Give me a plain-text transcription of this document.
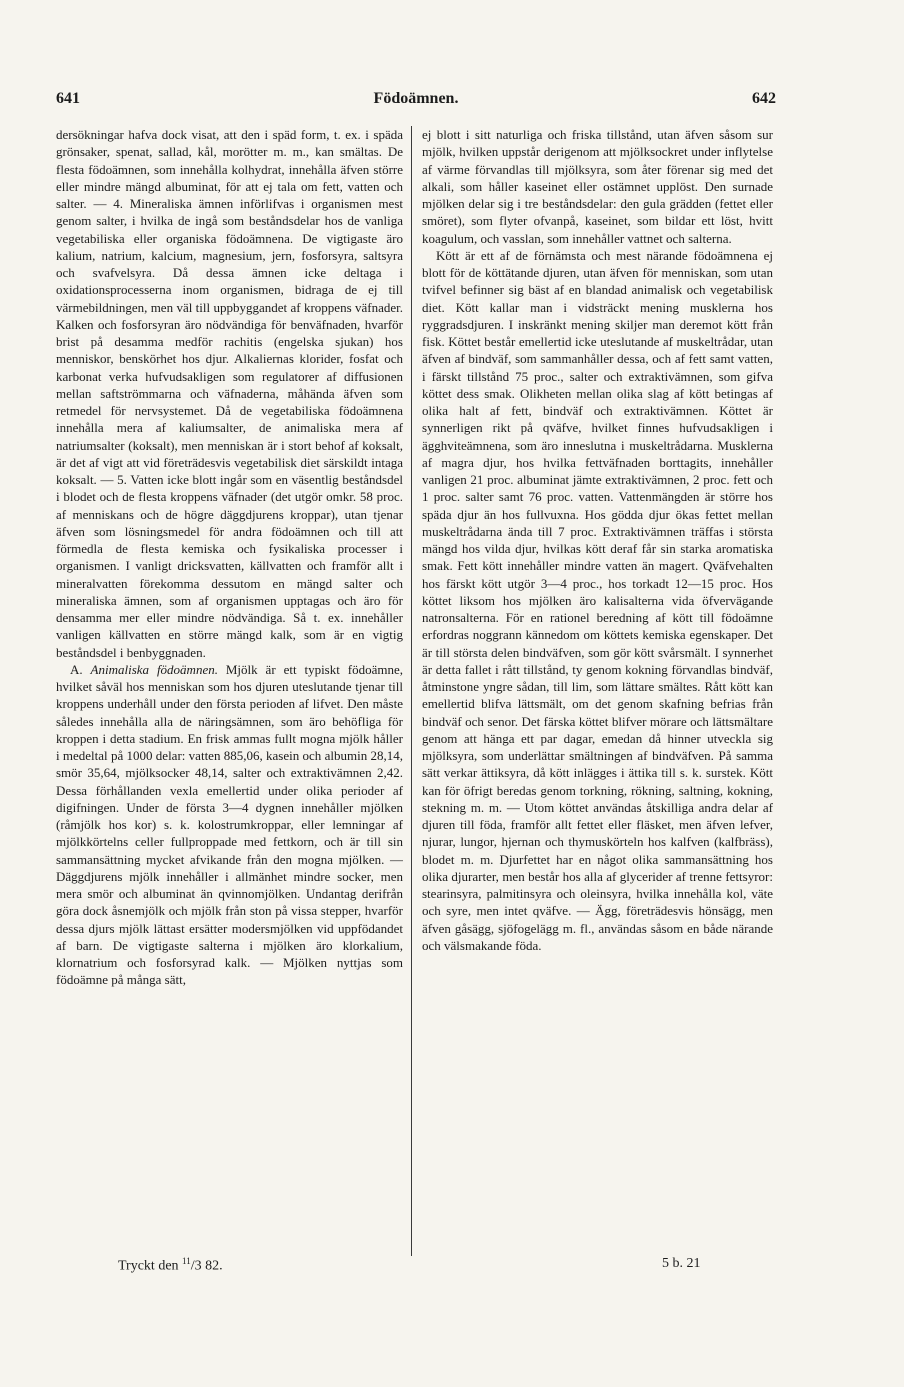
641	Födoämnen.	642

dersökningar hafva dock visat, att den i späd form, t. ex. i späda grönsaker, spenat, sallad, kål, morötter m. m., kan smältas. De flesta födoämnen, som innehålla kolhydrat, innehålla äfven större eller mindre mängd albuminat, för att ej tala om fett, vatten och salter. — 4. Mineraliska ämnen införlifvas i organismen mest genom salter, i hvilka de ingå som beståndsdelar hos de vanliga vegetabiliska eller organiska födoämnena. De vigtigaste äro kalium, natrium, kalcium, magnesium, jern, fosforsyra, saltsyra och svafvelsyra. Då dessa ämnen icke deltaga i oxidationsprocesserna inom organismen, bidraga de ej till värmebildningen, men väl till uppbyggandet af kroppens väfnader. Kalken och fosforsyran äro nödvändiga för benväfnaden, hvarför brist på desamma medför rachitis (engelska sjukan) hos menniskor, benskörhet hos djur. Alkaliernas klorider, fosfat och karbonat verka hufvudsakligen som regulatorer af diffusionen mellan saftströmmarna och väfnaderna, måhända äfven som retmedel för nervsystemet. Då de vegetabiliska födoämnena innehålla mera af kaliumsalter, de animaliska mera af natriumsalter (koksalt), men menniskan är i stort behof af koksalt, är det af vigt att vid företrädesvis vegetabilisk diet särskildt intaga koksalt. — 5. Vatten icke blott ingår som en väsentlig beståndsdel i blodet och de flesta kroppens väfnader (det utgör omkr. 58 proc. af menniskans och de högre däggdjurens kroppar), utan tjenar äfven som lösningsmedel för andra födoämnen och till att förmedla de flesta kemiska och fysikaliska processer i organismen. I vanligt dricksvatten, källvatten och framför allt i mineralvatten förekomma dessutom en mängd salter och mineraliska ämnen, som af organismen upptagas och äro för densamma mer eller mindre nödvändiga. Så t. ex. innehåller vanligen källvatten en större mängd kalk, som är en vigtig beståndsdel i benbyggnaden.

A. Animaliska födoämnen. Mjölk är ett typiskt födoämne, hvilket såväl hos menniskan som hos djuren uteslutande tjenar till kroppens underhåll under den första perioden af lifvet. Den måste således innehålla alla de näringsämnen, som äro behöfliga för kroppen i detta stadium. En frisk ammas fullt mogna mjölk håller i medeltal på 1000 delar: vatten 885,06, kasein och albumin 28,14, smör 35,64, mjölksocker 48,14, salter och extraktivämnen 2,42. Dessa förhållanden vexla emellertid under olika perioder af digifningen. Under de första 3—4 dygnen innehåller mjölken (råmjölk hos kor) s. k. kolostrumkroppar, eller lemningar af mjölkkörtelns celler fullproppade med fettkorn, och är till sin sammansättning mycket afvikande från den mogna mjölken. — Däggdjurens mjölk innehåller i allmänhet mindre socker, men mera smör och albuminat än qvinnomjölken. Undantag derifrån göra dock åsnemjölk och mjölk från ston på vissa stepper, hvarför dessa djurs mjölk lättast ersätter modersmjölken vid uppfödandet af barn. De vigtigaste salterna i mjölken äro klorkalium, klornatrium och fosforsyrad kalk. — Mjölken nyttjas som födoämne på många sätt,

ej blott i sitt naturliga och friska tillstånd, utan äfven såsom sur mjölk, hvilken uppstår derigenom att mjölksockret under inflytelse af värme förvandlas till mjölksyra, som åter förenar sig med det alkali, som håller kaseinet eller ostämnet upplöst. Den surnade mjölken delar sig i tre beståndsdelar: den gula grädden (fettet eller smöret), som flyter ofvanpå, kaseinet, som bildar ett löst, hvitt koagulum, och vasslan, som innehåller vattnet och salterna.

Kött är ett af de förnämsta och mest närande födoämnena ej blott för de köttätande djuren, utan äfven för menniskan, som utan tvifvel befinner sig bäst af en blandad animalisk och vegetabilisk diet. Kött kallar man i vidsträckt mening musklerna hos ryggradsdjuren. I inskränkt mening skiljer man deremot kött från fisk. Köttet består emellertid icke uteslutande af muskeltrådar, utan äfven af bindväf, som sammanhåller dessa, och af fett samt vatten, i färskt tillstånd 75 proc., salter och extraktivämnen, som gifva köttet dess smak. Olikheten mellan olika slag af kött betingas af olika halt af fett, bindväf och extraktivämnen. Köttet är synnerligen rikt på qväfve, hvilket finnes hufvudsakligen i ägghviteämnena, som äro inneslutna i muskeltrådarna. Musklerna af magra djur, hos hvilka fettväfnaden borttagits, innehåller vanligen 21 proc. albuminat jämte extraktivämnen, 2 proc. fett och 1 proc. salter samt 76 proc. vatten. Vattenmängden är större hos späda djur än hos fullvuxna. Hos gödda djur ökas fettet mellan muskeltrådarna ända till 7 proc. Extraktivämnen träffas i största mängd hos vilda djur, hvilkas kött deraf får sin starka aromatiska smak. Fett kött innehåller mindre vatten än magert. Qväfvehalten hos färskt kött utgör 3—4 proc., hos torkadt 12—15 proc. Hos köttet liksom hos mjölken äro kalisalterna vida öfvervägande natronsalterna. För en rationel beredning af kött till födoämne erfordras noggrann kännedom om köttets kemiska egenskaper. Det är till största delen bindväfven, som gör kött svårsmält. I synnerhet är detta fallet i rått tillstånd, ty genom kokning förvandlas bindväf, åtminstone yngre sådan, till lim, som lättare smältes. Rått kött kan emellertid blifva lättsmält, om det genom skafning befrias från bindväf och senor. Det färska köttet blifver mörare och lättsmältare genom att hänga ett par dagar, emedan då hinner utveckla sig mjölksyra, som underlättar smältningen af bindväfven. På samma sätt verkar ättiksyra, då kött inlägges i ättika till s. k. surstek. Kött kan för öfrigt beredas genom torkning, rökning, saltning, kokning, stekning m. m. — Utom köttet användas åtskilliga andra delar af djuren till föda, framför allt fettet eller fläsket, men äfven lefver, njurar, lungor, hjernan och thymuskörteln hos kalfven (kalfbräss), blodet m. m. Djurfettet har en något olika sammansättning hos olika djurarter, men består hos alla af glycerider af trenne fettsyror: stearinsyra, palmitinsyra och oleinsyra, hvilka innehålla kol, väte och syre, men intet qväfve. — Ägg, företrädesvis hönsägg, men äfven gåsägg, sjöfogelägg m. fl., användas såsom en både närande och välsmakande föda.

Tryckt den $^{11}$/3 82.	5 b. 21
